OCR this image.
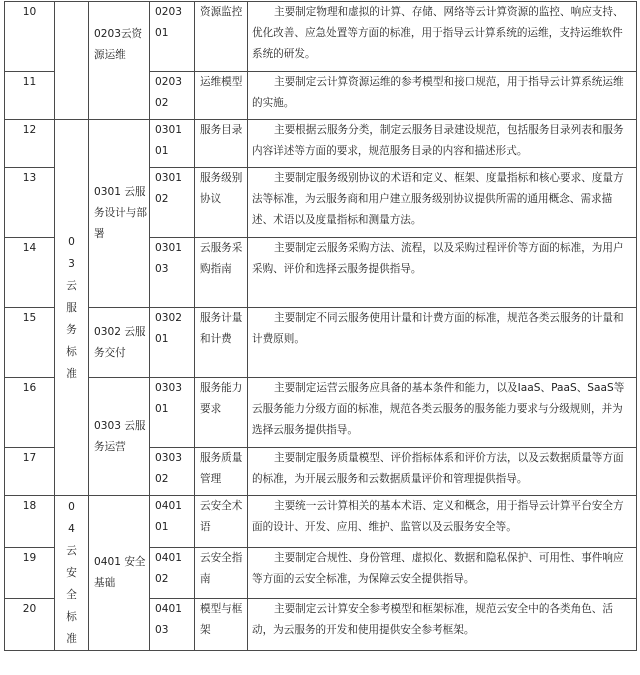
10		0203云资源运维	0203 01	资源监控	主要制定物理和虚拟的计算、存储、网络等云计算资源的监控、响应支持、优化改善、应急处置等方面的标准，用于指导云计算系统的运维，支持运维软件系统的研发。
11			0203 02	运维模型	主要制定云计算资源运维的参考模型和接口规范，用于指导云计算系统运维的实施。
12	0 3 云 服 务 标 准	0301 云服务设计与部署	0301 01	服务目录	主要根据云服务分类，制定云服务目录建设规范，包括服务目录列表和服务内容详述等方面的要求，规范服务目录的内容和描述形式。
13			0301 02	服务级别协议	主要制定服务级别协议的术语和定义、框架、度量指标和核心要求、度量方法等标准，为云服务商和用户建立服务级别协议提供所需的通用概念、需求描述、术语以及度量指标和测量方法。
14			0301 03	云服务采购指南	主要制定云服务采购方法、流程，以及采购过程评价等方面的标准，为用户采购、评价和选择云服务提供指导。
15		0302 云服务交付	0302 01	服务计量和计费	主要制定不同云服务使用计量和计费方面的标准，规范各类云服务的计量和计费原则。
16		0303 云服务运营	0303 01	服务能力要求	主要制定运营云服务应具备的基本条件和能力，以及IaaS、PaaS、SaaS等云服务能力分级方面的标准，规范各类云服务的服务能力要求与分级规则，并为选择云服务提供指导。
17			0303 02	服务质量管理	主要制定服务质量模型、评价指标体系和评价方法，以及云数据质量等方面的标准，为开展云服务和云数据质量评价和管理提供指导。
18	0 4 云 安 全 标 准	0401 安全基础	0401 01	云安全术语	主要统一云计算相关的基本术语、定义和概念，用于指导云计算平台安全方面的设计、开发、应用、维护、监管以及云服务安全等。
19			0401 02	云安全指南	主要制定合规性、身份管理、虚拟化、数据和隐私保护、可用性、事件响应等方面的云安全标准，为保障云安全提供指导。
20			0401 03	模型与框架	主要制定云计算安全参考模型和框架标准，规范云安全中的各类角色、活动，为云服务的开发和使用提供安全参考框架。
